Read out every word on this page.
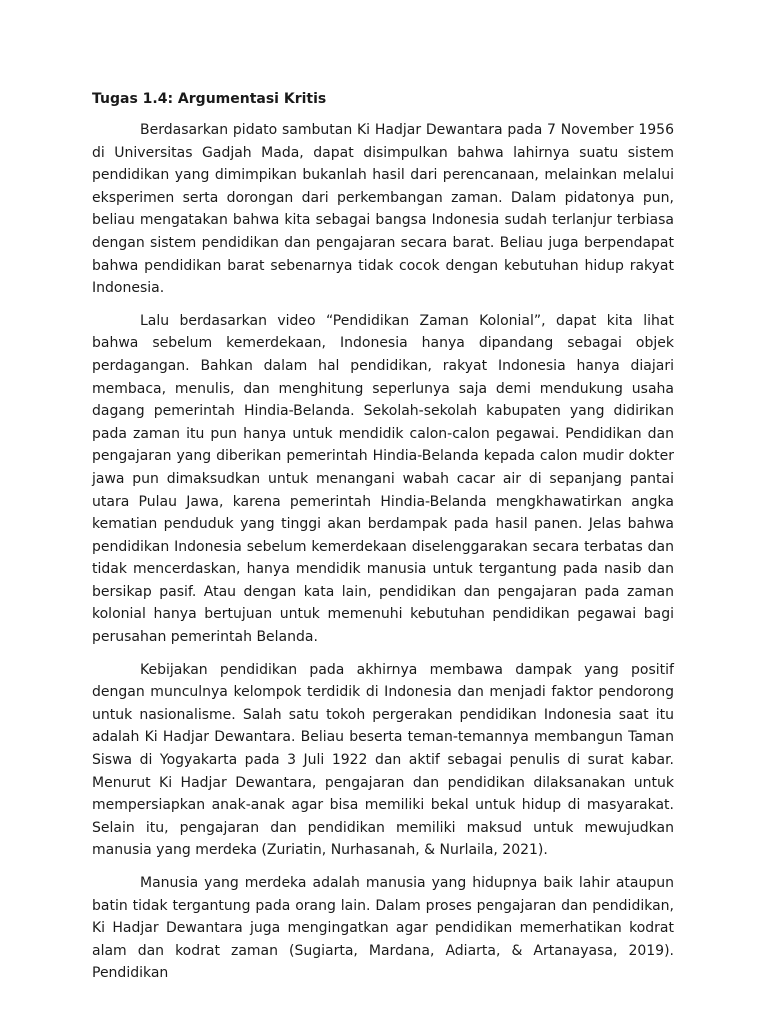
Tugas 1.4: Argumentasi Kritis

Berdasarkan pidato sambutan Ki Hadjar Dewantara pada 7 November 1956 di Universitas Gadjah Mada, dapat disimpulkan bahwa lahirnya suatu sistem pendidikan yang dimimpikan bukanlah hasil dari perencanaan, melainkan melalui eksperimen serta dorongan dari perkembangan zaman. Dalam pidatonya pun, beliau mengatakan bahwa kita sebagai bangsa Indonesia sudah terlanjur terbiasa dengan sistem pendidikan dan pengajaran secara barat. Beliau juga berpendapat bahwa pendidikan barat sebenarnya tidak cocok dengan kebutuhan hidup rakyat Indonesia.

Lalu berdasarkan video “Pendidikan Zaman Kolonial”, dapat kita lihat bahwa sebelum kemerdekaan, Indonesia hanya dipandang sebagai objek perdagangan. Bahkan dalam hal pendidikan, rakyat Indonesia hanya diajari membaca, menulis, dan menghitung seperlunya saja demi mendukung usaha dagang pemerintah Hindia-Belanda. Sekolah-sekolah kabupaten yang didirikan pada zaman itu pun hanya untuk mendidik calon-calon pegawai. Pendidikan dan pengajaran yang diberikan pemerintah Hindia-Belanda kepada calon mudir dokter jawa pun dimaksudkan untuk menangani wabah cacar air di sepanjang pantai utara Pulau Jawa, karena pemerintah Hindia-Belanda mengkhawatirkan angka kematian penduduk yang tinggi akan berdampak pada hasil panen. Jelas bahwa pendidikan Indonesia sebelum kemerdekaan diselenggarakan secara terbatas dan tidak mencerdaskan, hanya mendidik manusia untuk tergantung pada nasib dan bersikap pasif. Atau dengan kata lain, pendidikan dan pengajaran pada zaman kolonial hanya bertujuan untuk memenuhi kebutuhan pendidikan pegawai bagi perusahan pemerintah Belanda.

Kebijakan pendidikan pada akhirnya membawa dampak yang positif dengan munculnya kelompok terdidik di Indonesia dan menjadi faktor pendorong untuk nasionalisme. Salah satu tokoh pergerakan pendidikan Indonesia saat itu adalah Ki Hadjar Dewantara. Beliau beserta teman-temannya membangun Taman Siswa di Yogyakarta pada 3 Juli 1922 dan aktif sebagai penulis di surat kabar. Menurut Ki Hadjar Dewantara, pengajaran dan pendidikan dilaksanakan untuk mempersiapkan anak-anak agar bisa memiliki bekal untuk hidup di masyarakat. Selain itu, pengajaran dan pendidikan memiliki maksud untuk mewujudkan manusia yang merdeka (Zuriatin, Nurhasanah, & Nurlaila, 2021).

Manusia yang merdeka adalah manusia yang hidupnya baik lahir ataupun batin tidak tergantung pada orang lain. Dalam proses pengajaran dan pendidikan, Ki Hadjar Dewantara juga mengingatkan agar pendidikan memerhatikan kodrat alam dan kodrat zaman (Sugiarta, Mardana, Adiarta, & Artanayasa, 2019). Pendidikan
